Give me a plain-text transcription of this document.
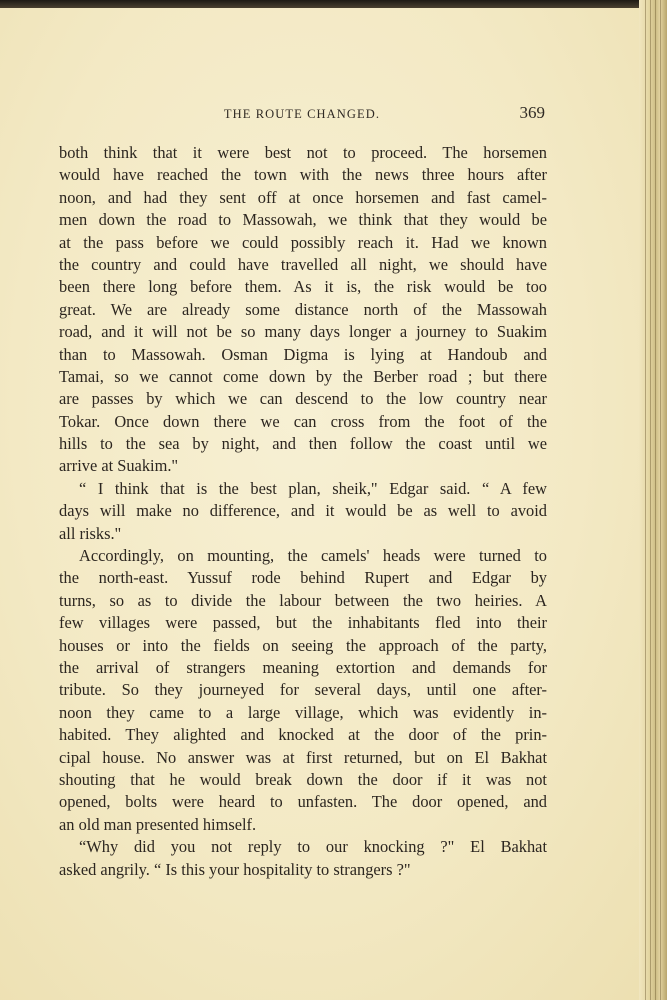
THE ROUTE CHANGED.	369
both think that it were best not to proceed. The horsemen
would have reached the town with the news three hours after
noon, and had they sent off at once horsemen and fast camel-
men down the road to Massowah, we think that they would be
at the pass before we could possibly reach it. Had we known
the country and could have travelled all night, we should have
been there long before them. As it is, the risk would be too
great. We are already some distance north of the Massowah
road, and it will not be so many days longer a journey to Suakim
than to Massowah. Osman Digma is lying at Handoub and
Tamai, so we cannot come down by the Berber road ; but there
are passes by which we can descend to the low country near
Tokar. Once down there we can cross from the foot of the
hills to the sea by night, and then follow the coast until we
arrive at Suakim."
“ I think that is the best plan, sheik," Edgar said. “ A few
days will make no difference, and it would be as well to avoid
all risks."
Accordingly, on mounting, the camels' heads were turned to
the north-east. Yussuf rode behind Rupert and Edgar by
turns, so as to divide the labour between the two heiries. A
few villages were passed, but the inhabitants fled into their
houses or into the fields on seeing the approach of the party,
the arrival of strangers meaning extortion and demands for
tribute. So they journeyed for several days, until one after-
noon they came to a large village, which was evidently in-
habited. They alighted and knocked at the door of the prin-
cipal house. No answer was at first returned, but on El Bakhat
shouting that he would break down the door if it was not
opened, bolts were heard to unfasten. The door opened, and
an old man presented himself.
“Why did you not reply to our knocking ?" El Bakhat
asked angrily. “ Is this your hospitality to strangers ?"
